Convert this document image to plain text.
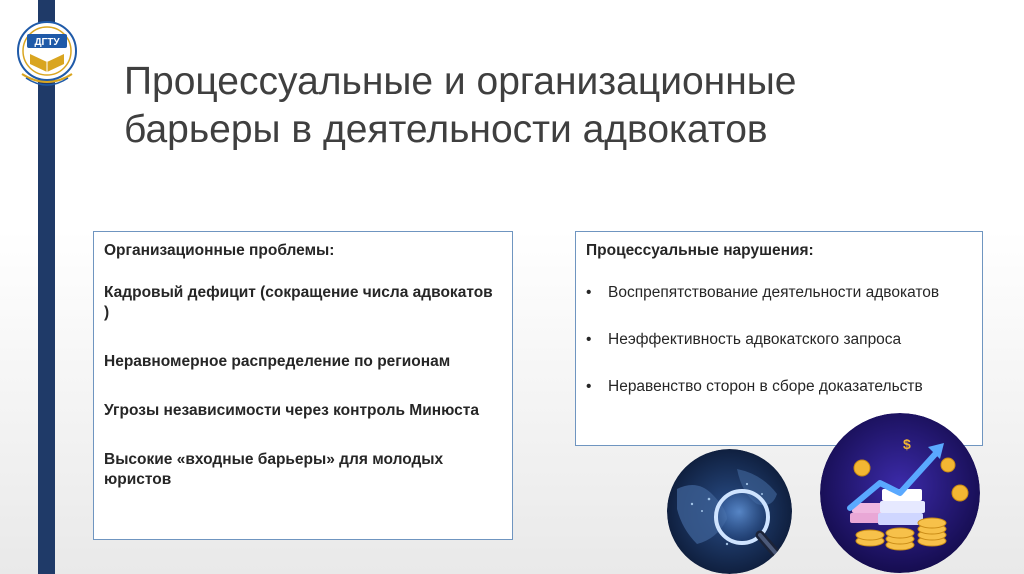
ДГТУ
Процессуальные и организационные
барьеры в деятельности адвокатов
Организационные проблемы:
Кадровый дефицит (сокращение числа адвокатов )
Неравномерное распределение по регионам
Угрозы независимости через контроль Минюста
Высокие «входные барьеры» для молодых юристов
Процессуальные нарушения:
•	Воспрепятствование деятельности адвокатов
•	Неэффективность адвокатского запроса
•	Неравенство сторон в сборе доказательств
$
